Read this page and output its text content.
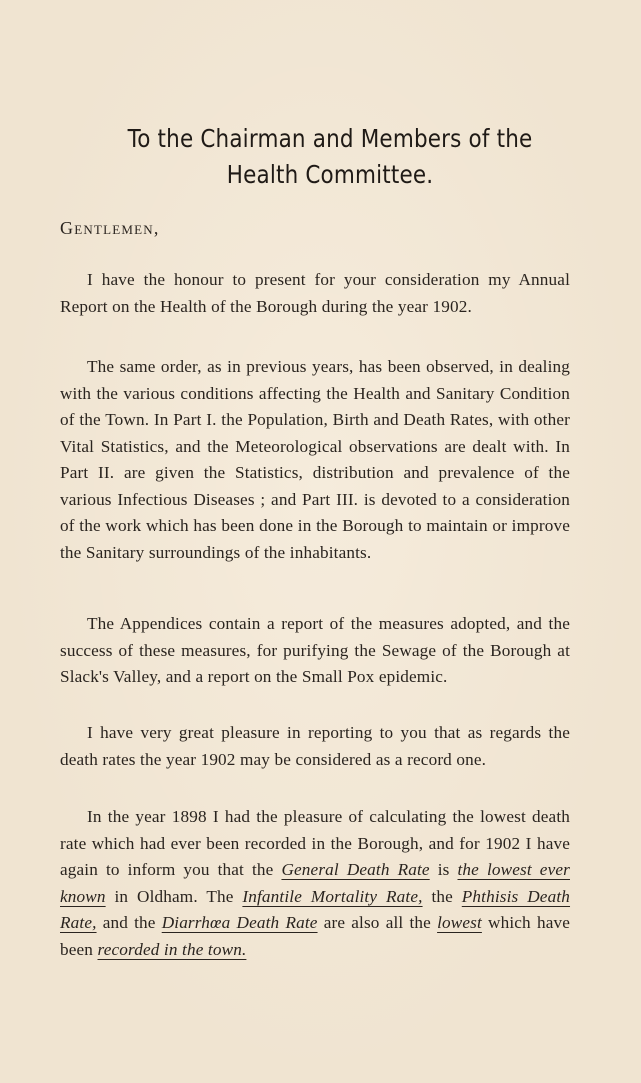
To the Chairman and Members of the
Health Committee.
Gentlemen,

I have the honour to present for your consideration my Annual Report on the Health of the Borough during the year 1902.

The same order, as in previous years, has been observed, in dealing with the various conditions affecting the Health and Sanitary Condition of the Town. In Part I. the Population, Birth and Death Rates, with other Vital Statistics, and the Meteorological observations are dealt with. In Part II. are given the Statistics, distribution and prevalence of the various Infectious Diseases ; and Part III. is devoted to a consideration of the work which has been done in the Borough to maintain or improve the Sanitary surroundings of the inhabitants.

The Appendices contain a report of the measures adopted, and the success of these measures, for purifying the Sewage of the Borough at Slack's Valley, and a report on the Small Pox epidemic.

I have very great pleasure in reporting to you that as regards the death rates the year 1902 may be considered as a record one.

In the year 1898 I had the pleasure of calculating the lowest death rate which had ever been recorded in the Borough, and for 1902 I have again to inform you that the General Death Rate is the lowest ever known in Oldham. The Infantile Mortality Rate, the Phthisis Death Rate, and the Diarrhœa Death Rate are also all the lowest which have been recorded in the town.
